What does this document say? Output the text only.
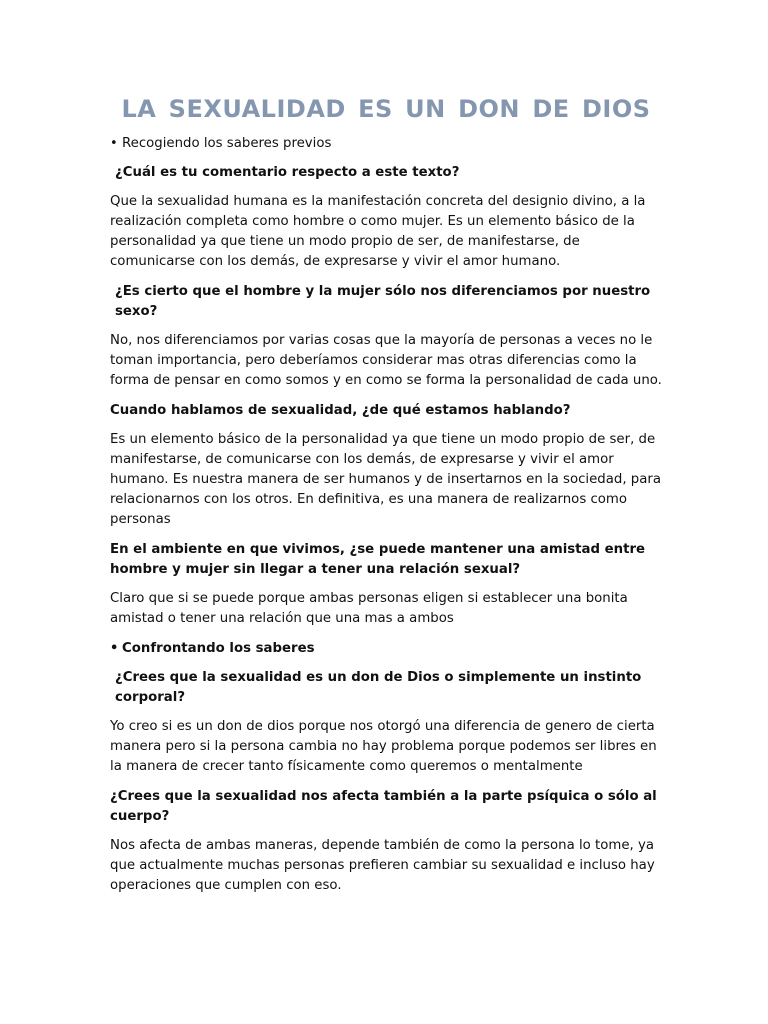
la sexualidad es un don de dios
• Recogiendo los saberes previos

¿Cuál es tu comentario respecto a este texto?

Que la sexualidad humana es la manifestación concreta del designio divino, a la realización completa como hombre o como mujer. Es un elemento básico de la personalidad ya que tiene un modo propio de ser, de manifestarse, de comunicarse con los demás, de expresarse y vivir el amor humano.

¿Es cierto que el hombre y la mujer sólo nos diferenciamos por nuestro sexo?

No, nos diferenciamos por varias cosas que la mayoría de personas a veces no le toman importancia, pero deberíamos considerar mas otras diferencias como la forma de pensar en como somos y en como se forma la personalidad de cada uno.

Cuando hablamos de sexualidad, ¿de qué estamos hablando?

Es un elemento básico de la personalidad ya que tiene un modo propio de ser, de manifestarse, de comunicarse con los demás, de expresarse y vivir el amor humano. Es nuestra manera de ser humanos y de insertarnos en la sociedad, para relacionarnos con los otros. En definitiva, es una manera de realizarnos como personas

En el ambiente en que vivimos, ¿se puede mantener una amistad entre hombre y mujer sin llegar a tener una relación sexual?

Claro que si se puede porque ambas personas eligen si establecer una bonita amistad o tener una relación que una mas a ambos

• Confrontando los saberes

¿Crees que la sexualidad es un don de Dios o simplemente un instinto corporal?

Yo creo si es un don de dios porque nos otorgó una diferencia de genero de cierta manera pero si la persona cambia no hay problema porque podemos ser libres en la manera de crecer tanto físicamente como queremos o mentalmente

¿Crees que la sexualidad nos afecta también a la parte psíquica o sólo al cuerpo?

Nos afecta de ambas maneras, depende también de como la persona lo tome, ya que actualmente muchas personas prefieren cambiar su sexualidad e incluso hay operaciones que cumplen con eso.
